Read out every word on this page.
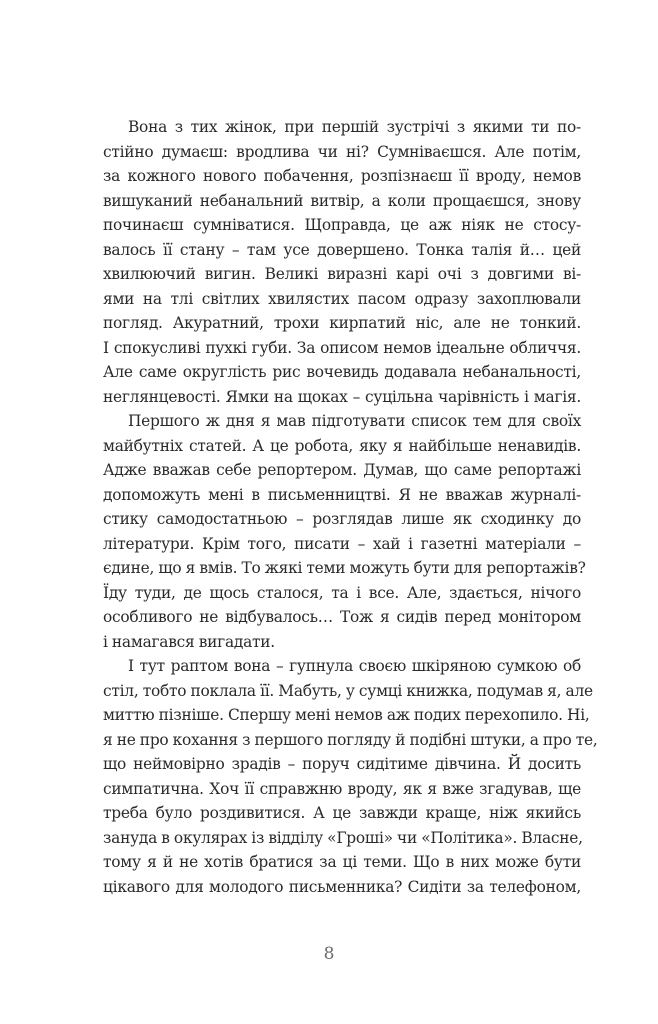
Вона з тих жінок, при першій зустрічі з якими ти по-
стійно думаєш: вродлива чи ні? Сумніваєшся. Але потім,
за кожного нового побачення, розпізнаєш її вроду, немов
вишуканий небанальний витвір, а коли прощаєшся, знову
починаєш сумніватися. Щоправда, це аж ніяк не стосу-
валось її стану – там усе довершено. Тонка талія й… цей
хвилюючий вигин. Великі виразні карі очі з довгими ві-
ями на тлі світлих хвилястих пасом одразу захоплювали
погляд. Акуратний, трохи кирпатий ніс, але не тонкий.
І спокусливі пухкі губи. За описом немов ідеальне обличчя.
Але саме округлість рис вочевидь додавала небанальності,
неглянцевості. Ямки на щоках – суцільна чарівність і магія.
Першого ж дня я мав підготувати список тем для своїх
майбутніх статей. А це робота, яку я найбільше ненавидів.
Адже вважав себе репортером. Думав, що саме репортажі
допоможуть мені в письменництві. Я не вважав журналі-
стику самодостатньою – розглядав лише як сходинку до
літератури. Крім того, писати – хай і газетні матеріали –
єдине, що я вмів. То жякі теми можуть бути для репортажів?
Їду туди, де щось сталося, та і все. Але, здається, нічого
особливого не відбувалось… Тож я сидів перед монітором
і намагався вигадати.
І тут раптом вона – гупнула своєю шкіряною сумкою об
стіл, тобто поклала її. Мабуть, у сумці книжка, подумав я, але
миттю пізніше. Спершу мені немов аж подих перехопило. Ні,
я не про кохання з першого погляду й подібні штуки, а про те,
що неймовірно зрадів – поруч сидітиме дівчина. Й досить
симпатична. Хоч її справжню вроду, як я вже згадував, ще
треба було роздивитися. А це завжди краще, ніж якийсь
зануда в окулярах із відділу «Гроші» чи «Політика». Власне,
тому я й не хотів братися за ці теми. Що в них може бути
цікавого для молодого письменника? Сидіти за телефоном,
8
